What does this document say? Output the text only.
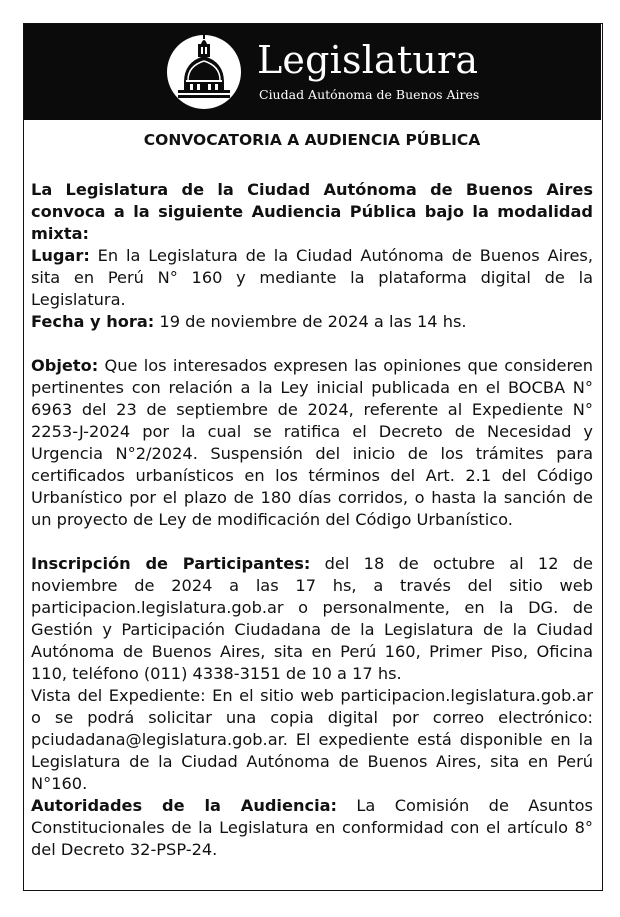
Legislatura
Ciudad Autónoma de Buenos Aires
CONVOCATORIA A AUDIENCIA PÚBLICA

La Legislatura de la Ciudad Autónoma de Buenos Aires convoca a la siguiente Audiencia Pública bajo la modalidad mixta:

Lugar: En la Legislatura de la Ciudad Autónoma de Buenos Aires, sita en Perú N° 160 y mediante la plataforma digital de la Legislatura.

Fecha y hora: 19 de noviembre de 2024 a las 14 hs.

Objeto: Que los interesados expresen las opiniones que consideren pertinentes con relación a la Ley inicial publicada en el BOCBA N° 6963 del 23 de septiembre de 2024, referente al Expediente N° 2253-J-2024 por la cual se ratifica el Decreto de Necesidad y Urgencia N°2/2024. Suspensión del inicio de los trámites para certificados urbanísticos en los términos del Art. 2.1 del Código Urbanístico por el plazo de 180 días corridos, o hasta la sanción de un proyecto de Ley de modificación del Código Urbanístico.

Inscripción de Participantes: del 18 de octubre al 12 de noviembre de 2024 a las 17 hs, a través del sitio web participacion.legislatura.gob.ar o personalmente, en la DG. de Gestión y Participación Ciudadana de la Legislatura de la Ciudad Autónoma de Buenos Aires, sita en Perú 160, Primer Piso, Oficina 110, teléfono (011) 4338-3151 de 10 a 17 hs.

Vista del Expediente: En el sitio web participacion.legislatura.gob.ar o se podrá solicitar una copia digital por correo electrónico: pciudadana@legislatura.gob.ar. El expediente está disponible en la Legislatura de la Ciudad Autónoma de Buenos Aires, sita en Perú N°160.

Autoridades de la Audiencia: La Comisión de Asuntos Constitucionales de la Legislatura en conformidad con el artículo 8° del Decreto 32-PSP-24.
